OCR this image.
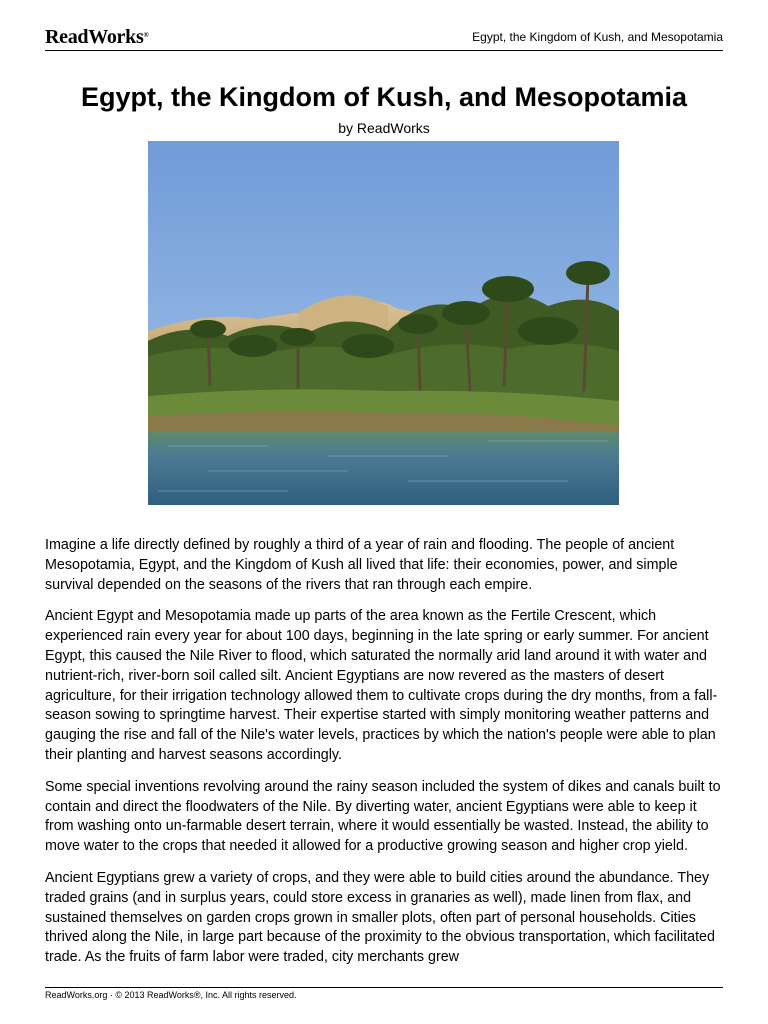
ReadWorks®	Egypt, the Kingdom of Kush, and Mesopotamia
Egypt, the Kingdom of Kush, and Mesopotamia
by ReadWorks

Imagine a life directly defined by roughly a third of a year of rain and flooding. The people of ancient Mesopotamia, Egypt, and the Kingdom of Kush all lived that life: their economies, power, and simple survival depended on the seasons of the rivers that ran through each empire.

Ancient Egypt and Mesopotamia made up parts of the area known as the Fertile Crescent, which experienced rain every year for about 100 days, beginning in the late spring or early summer. For ancient Egypt, this caused the Nile River to flood, which saturated the normally arid land around it with water and nutrient-rich, river-born soil called silt. Ancient Egyptians are now revered as the masters of desert agriculture, for their irrigation technology allowed them to cultivate crops during the dry months, from a fall-season sowing to springtime harvest. Their expertise started with simply monitoring weather patterns and gauging the rise and fall of the Nile's water levels, practices by which the nation's people were able to plan their planting and harvest seasons accordingly.

Some special inventions revolving around the rainy season included the system of dikes and canals built to contain and direct the floodwaters of the Nile. By diverting water, ancient Egyptians were able to keep it from washing onto un-farmable desert terrain, where it would essentially be wasted. Instead, the ability to move water to the crops that needed it allowed for a productive growing season and higher crop yield.

Ancient Egyptians grew a variety of crops, and they were able to build cities around the abundance. They traded grains (and in surplus years, could store excess in granaries as well), made linen from flax, and sustained themselves on garden crops grown in smaller plots, often part of personal households. Cities thrived along the Nile, in large part because of the proximity to the obvious transportation, which facilitated trade. As the fruits of farm labor were traded, city merchants grew

ReadWorks.org · © 2013 ReadWorks®, Inc. All rights reserved.
